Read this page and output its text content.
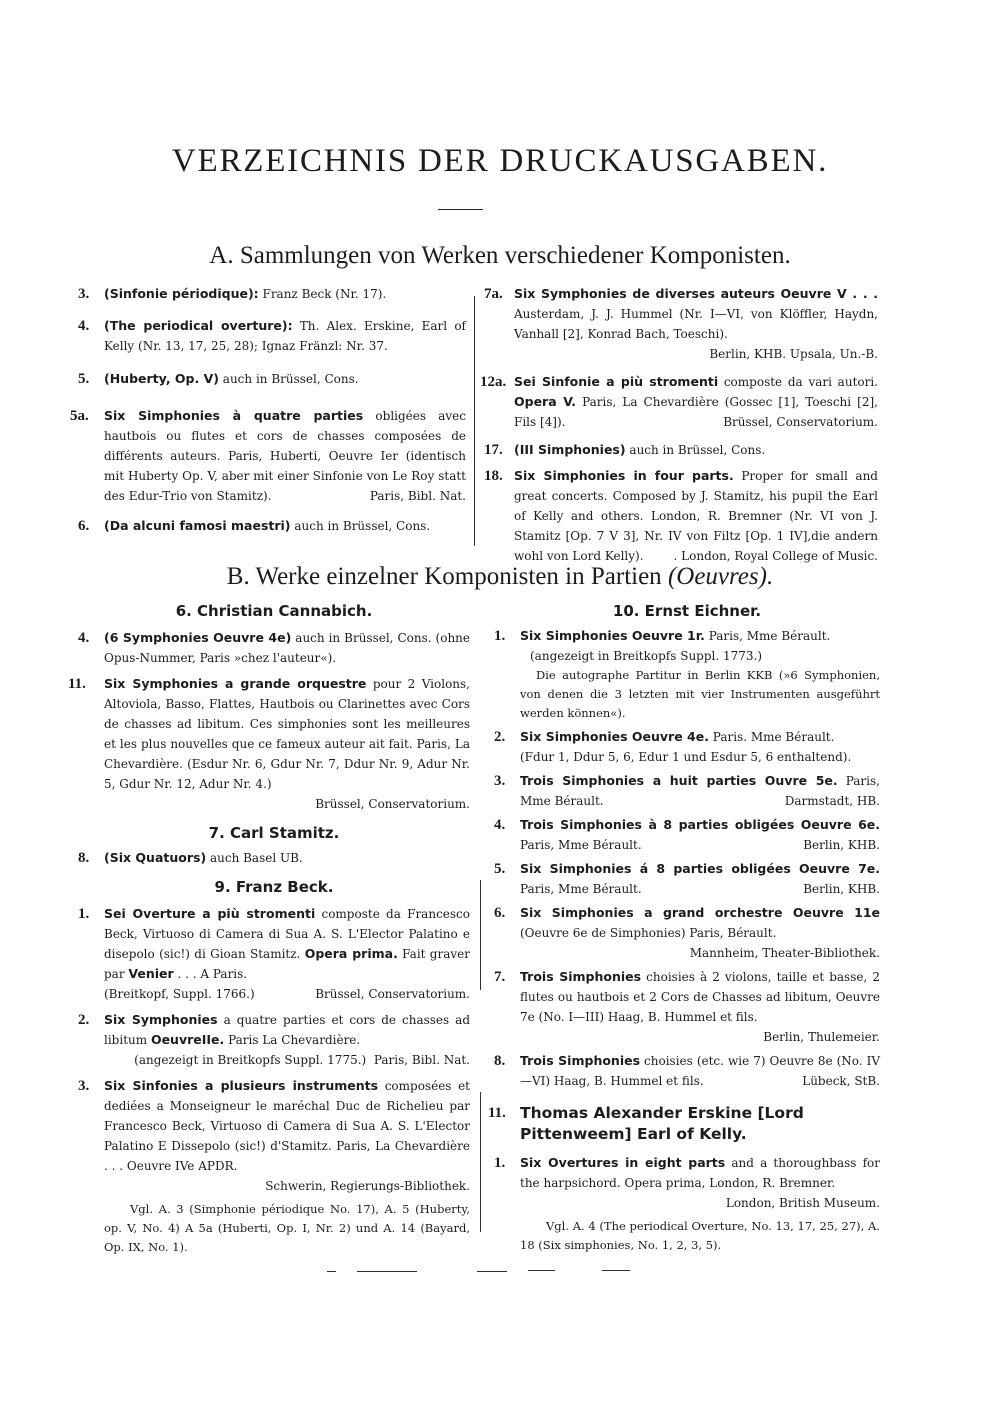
VERZEICHNIS DER DRUCKAUSGABEN.
A. Sammlungen von Werken verschiedener Komponisten.
3. (Sinfonie périodique): Franz Beck (Nr. 17).
4. (The periodical overture): Th. Alex. Erskine, Earl of Kelly (Nr. 13, 17, 25, 28); Ignaz Fränzl: Nr. 37.
5. (Huberty, Op. V) auch in Brüssel, Cons.
5a. Six Simphonies à quatre parties obligées avec hautbois ou flutes et cors de chasses composées de différents auteurs. Paris, Huberti, Oeuvre Ier (identisch mit Huberty Op. V, aber mit einer Sinfonie von Le Roy statt des Edur-Trio von Stamitz).	Paris, Bibl. Nat.
6. (Da alcuni famosi maestri) auch in Brüssel, Cons.
7a. Six Symphonies de diverses auteurs Oeuvre V . . . Austerdam, J. J. Hummel (Nr. I—VI, von Klöffler, Haydn, Vanhall [2], Konrad Bach, Toeschi).
Berlin, KHB. Upsala, Un.-B.
12a. Sei Sinfonie a più stromenti composte da vari autori. Opera V. Paris, La Chevardière (Gossec [1], Toeschi [2], Fils [4]).	Brüssel, Conservatorium.
17. (III Simphonies) auch in Brüssel, Cons.
18. Six Simphonies in four parts. Proper for small and great concerts. Composed by J. Stamitz, his pupil the Earl of Kelly and others. London, R. Bremner (Nr. VI von J. Stamitz [Op. 7 V 3], Nr. IV von Filtz [Op. 1 IV],die andern wohl von Lord Kelly).	. London, Royal College of Music.
B. Werke einzelner Komponisten in Partien (Oeuvres).
6. Christian Cannabich.
4. (6 Symphonies Oeuvre 4e) auch in Brüssel, Cons. (ohne Opus-Nummer, Paris »chez l'auteur«).
11. Six Symphonies a grande orquestre pour 2 Violons, Altoviola, Basso, Flattes, Hautbois ou Clarinettes avec Cors de chasses ad libitum. Ces simphonies sont les meilleures et les plus nouvelles que ce fameux auteur ait fait. Paris, La Chevardière. (Esdur Nr. 6, Gdur Nr. 7, Ddur Nr. 9, Adur Nr. 5, Gdur Nr. 12, Adur Nr. 4.)
Brüssel, Conservatorium.
7. Carl Stamitz.
8. (Six Quatuors) auch Basel UB.
9. Franz Beck.
1. Sei Overture a più stromenti composte da Francesco Beck, Virtuoso di Camera di Sua A. S. L'Elector Palatino e disepolo (sic!) di Gioan Stamitz. Opera prima. Fait graver par Venier . . . A Paris.
(Breitkopf, Suppl. 1766.)	Brüssel, Conservatorium.
2. Six Symphonies a quatre parties et cors de chasses ad libitum OeuvreIIe. Paris La Chevardière.
(angezeigt in Breitkopfs Suppl. 1775.) Paris, Bibl. Nat.
3. Six Sinfonies a plusieurs instruments composées et dediées a Monseigneur le maréchal Duc de Richelieu par Francesco Beck, Virtuoso di Camera di Sua A. S. L'Elector Palatino E Dissepolo (sic!) d'Stamitz. Paris, La Chevardière . . . Oeuvre IVe APDR.
Schwerin, Regierungs-Bibliothek.
Vgl. A. 3 (Simphonie périodique No. 17), A. 5 (Huberty, op. V, No. 4) A 5a (Huberti, Op. I, Nr. 2) und A. 14 (Bayard, Op. IX, No. 1).
10. Ernst Eichner.
1. Six Simphonies Oeuvre 1r. Paris, Mme Bérault.
(angezeigt in Breitkopfs Suppl. 1773.)
Die autographe Partitur in Berlin KKB (»6 Symphonien, von denen die 3 letzten mit vier Instrumenten ausgeführt werden können«).
2. Six Simphonies Oeuvre 4e. Paris. Mme Bérault.
(Fdur 1, Ddur 5, 6, Edur 1 und Esdur 5, 6 enthaltend).
3. Trois Simphonies a huit parties Ouvre 5e. Paris, Mme Bérault.	Darmstadt, HB.
4. Trois Simphonies à 8 parties obligées Oeuvre 6e. Paris, Mme Bérault.	Berlin, KHB.
5. Six Simphonies á 8 parties obligées Oeuvre 7e. Paris, Mme Bérault.	Berlin, KHB.
6. Six Simphonies a grand orchestre Oeuvre 11e (Oeuvre 6e de Simphonies) Paris, Bérault.
Mannheim, Theater-Bibliothek.
7. Trois Simphonies choisies à 2 violons, taille et basse, 2 flutes ou hautbois et 2 Cors de Chasses ad libitum, Oeuvre 7e (No. I—III) Haag, B. Hummel et fils.
Berlin, Thulemeier.
8. Trois Simphonies choisies (etc. wie 7) Oeuvre 8e (No. IV—VI) Haag, B. Hummel et fils.	Lübeck, StB.
11. Thomas Alexander Erskine [Lord Pittenweem] Earl of Kelly.
1. Six Overtures in eight parts and a thoroughbass for the harpsichord. Opera prima, London, R. Bremner.
London, British Museum.
Vgl. A. 4 (The periodical Overture, No. 13, 17, 25, 27), A. 18 (Six simphonies, No. 1, 2, 3, 5).
